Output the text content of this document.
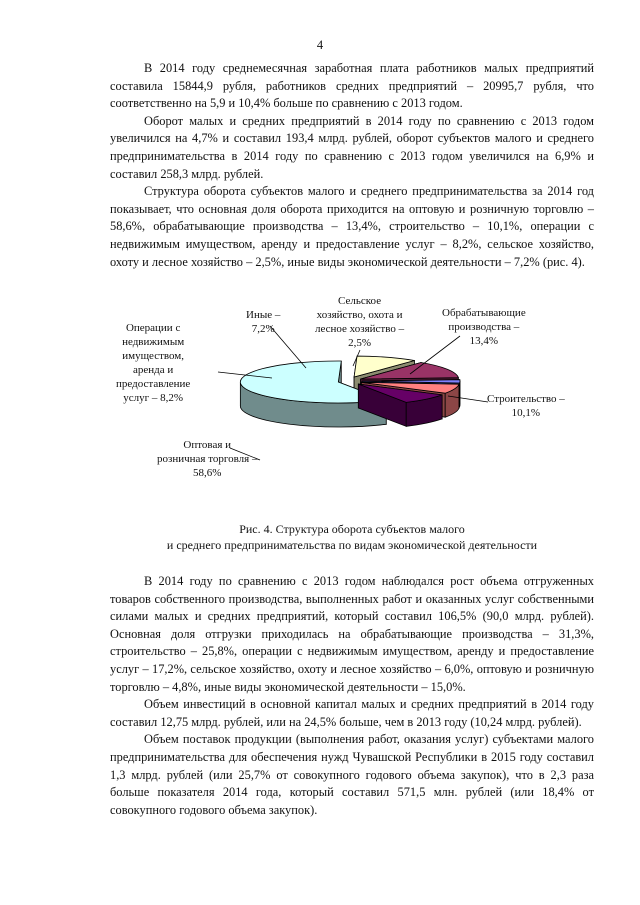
4

В 2014 году среднемесячная заработная плата работников малых предприятий составила 15844,9 рубля, работников средних предприятий – 20995,7 рубля, что соответственно на 5,9 и 10,4% больше по сравнению с 2013 годом.

Оборот малых и средних предприятий в 2014 году по сравнению с 2013 годом увеличился на 4,7% и составил 193,4 млрд. рублей, оборот субъектов малого и среднего предпринимательства в 2014 году по сравнению с 2013 годом увеличился на 6,9% и составил 258,3 млрд. рублей.

Структура оборота субъектов малого и среднего предпринимательства за 2014 год показывает, что основная доля оборота приходится на оптовую и розничную торговлю – 58,6%, обрабатывающие производства – 13,4%, строительство – 10,1%, операции с недвижимым имуществом, аренду и предоставление услуг – 8,2%, сельское хозяйство, охоту и лесное хозяйство – 2,5%, иные виды экономической деятельности – 7,2% (рис. 4).

Оптовая и
розничная торговля –
58,6%
Операции с
недвижимым
имуществом,
аренда и
предоставление
услуг – 8,2%
Иные –
7,2%
Сельское
хозяйство, охота и
лесное хозяйство –
2,5%
Обрабатывающие
производства –
13,4%
Строительство –
10,1%
Рис. 4. Структура оборота субъектов малого
и среднего предпринимательства по видам экономической деятельности

В 2014 году по сравнению с 2013 годом наблюдался рост объема отгруженных товаров собственного производства, выполненных работ и оказанных услуг собственными силами малых и средних предприятий, который составил 106,5% (90,0 млрд. рублей). Основная доля отгрузки приходилась на обрабатывающие производства – 31,3%, строительство – 25,8%, операции с недвижимым имуществом, аренду и предоставление услуг – 17,2%, сельское хозяйство, охоту и лесное хозяйство – 6,0%, оптовую и розничную торговлю – 4,8%, иные виды экономической деятельности – 15,0%.

Объем инвестиций в основной капитал малых и средних предприятий в 2014 году составил 12,75 млрд. рублей, или на 24,5% больше, чем в 2013 году (10,24 млрд. рублей).

Объем поставок продукции (выполнения работ, оказания услуг) субъектами малого предпринимательства для обеспечения нужд Чувашской Республики в 2015 году составил 1,3 млрд. рублей (или 25,7% от совокупного годового объема закупок), что в 2,3 раза больше показателя 2014 года, который составил 571,5 млн. рублей (или 18,4% от совокупного годового объема закупок).
